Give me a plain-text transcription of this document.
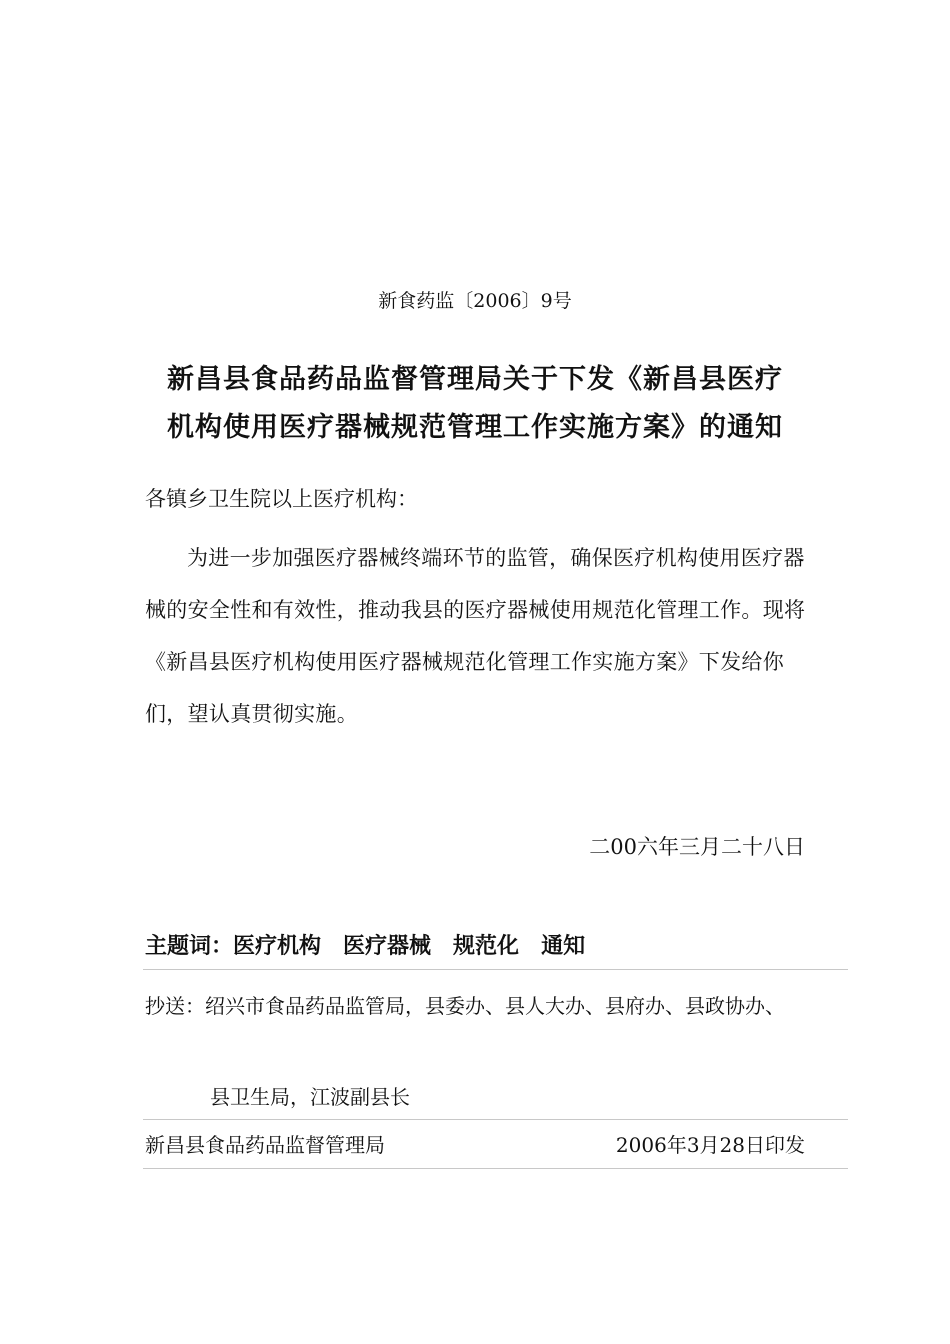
新食药监〔2006〕9号
新昌县食品药品监督管理局关于下发《新昌县医疗
机构使用医疗器械规范管理工作实施方案》的通知
各镇乡卫生院以上医疗机构：

为进一步加强医疗器械终端环节的监管，确保医疗机构使用医疗器械的安全性和有效性，推动我县的医疗器械使用规范化管理工作。现将《新昌县医疗机构使用医疗器械规范化管理工作实施方案》下发给你们，望认真贯彻实施。

二00六年三月二十八日
主题词：医疗机构 医疗器械 规范化 通知

抄送：绍兴市食品药品监管局，县委办、县人大办、县府办、县政协办、

县卫生局，江波副县长
新昌县食品药品监督管理局	2006年3月28日印发
